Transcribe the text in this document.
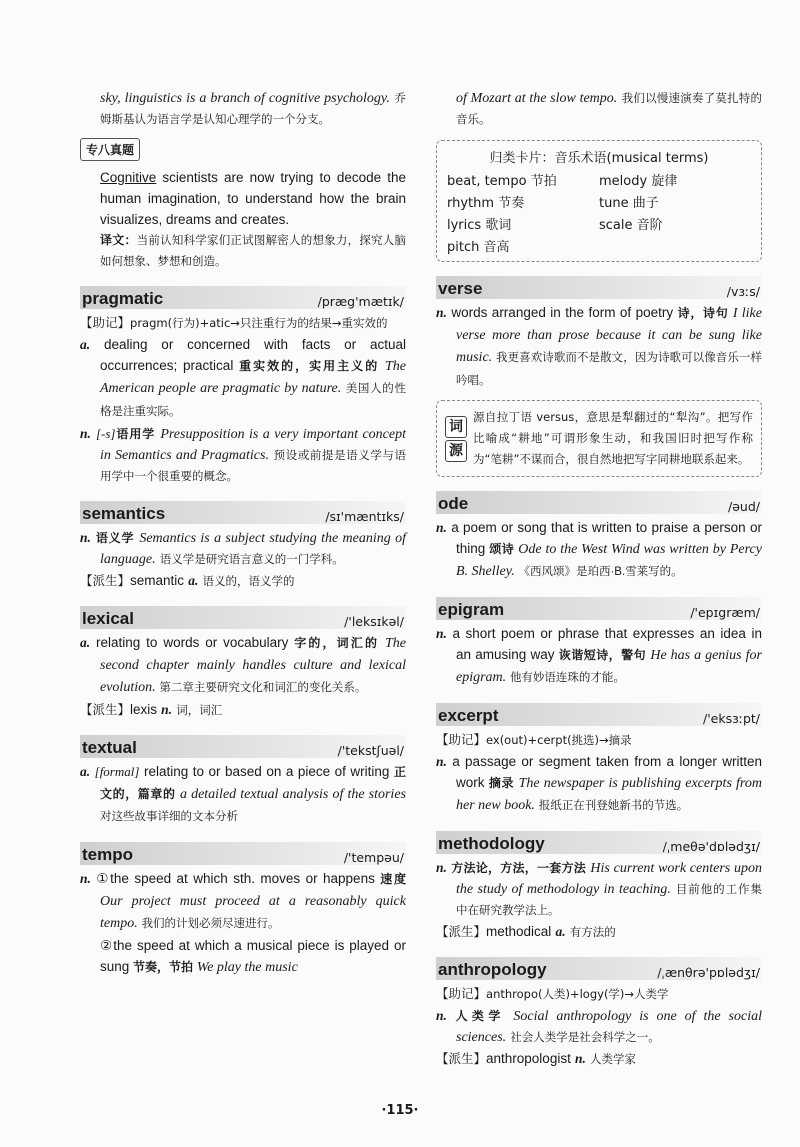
sky, linguistics is a branch of cognitive psychology. 乔姆斯基认为语言学是认知心理学的一个分支。

专八真题

Cognitive scientists are now trying to decode the human imagination, to understand how the brain visualizes, dreams and creates.

译文：当前认知科学家们正试图解密人的想象力，探究人脑如何想象、梦想和创造。

pragmatic	/præg'mætɪk/

【助记】pragm(行为)+atic→只注重行为的结果→重实效的

a. dealing or concerned with facts or actual occurrences; practical 重实效的，实用主义的 The American people are pragmatic by nature. 美国人的性格是注重实际。

n. [-s]语用学 Presupposition is a very important concept in Semantics and Pragmatics. 预设或前提是语义学与语用学中一个很重要的概念。

semantics	/sɪ'mæntɪks/

n. 语义学 Semantics is a subject studying the meaning of language. 语义学是研究语言意义的一门学科。

【派生】semantic a. 语义的，语义学的

lexical	/'leksɪkəl/

a. relating to words or vocabulary 字的，词汇的 The second chapter mainly handles culture and lexical evolution. 第二章主要研究文化和词汇的变化关系。

【派生】lexis n. 词，词汇

textual	/'tekstʃuəl/

a. [formal] relating to or based on a piece of writing 正文的，篇章的 a detailed textual analysis of the stories 对这些故事详细的文本分析

tempo	/'tempəu/

n. ①the speed at which sth. moves or happens 速度 Our project must proceed at a reasonably quick tempo. 我们的计划必须尽速进行。

②the speed at which a musical piece is played or sung 节奏，节拍 We play the music

of Mozart at the slow tempo. 我们以慢速演奏了莫扎特的音乐。

归类卡片：音乐术语(musical terms)
beat, tempo 节拍	melody 旋律
rhythm 节奏	tune 曲子
lyrics 歌词	scale 音阶
pitch 音高
verse	/vɜːs/

n. words arranged in the form of poetry 诗，诗句 I like verse more than prose because it can be sung like music. 我更喜欢诗歌而不是散文，因为诗歌可以像音乐一样吟唱。

词
源
源自拉丁语 versus，意思是犁翻过的“犁沟”。把写作比喻成“耕地”可谓形象生动，和我国旧时把写作称为“笔耕”不谋而合，很自然地把写字同耕地联系起来。
ode	/əud/

n. a poem or song that is written to praise a person or thing 颂诗 Ode to the West Wind was written by Percy B. Shelley. 《西风颂》是珀西·B.雪莱写的。

epigram	/'epɪgræm/

n. a short poem or phrase that expresses an idea in an amusing way 诙谐短诗，警句 He has a genius for epigram. 他有妙语连珠的才能。

excerpt	/'eksɜːpt/

【助记】ex(out)+cerpt(挑选)→摘录

n. a passage or segment taken from a longer written work 摘录 The newspaper is publishing excerpts from her new book. 报纸正在刊登她新书的节选。

methodology	/ˌmeθə'dɒlədʒɪ/

n. 方法论，方法，一套方法 His current work centers upon the study of methodology in teaching. 目前他的工作集中在研究教学法上。

【派生】methodical a. 有方法的

anthropology	/ˌænθrə'pɒlədʒɪ/

【助记】anthropo(人类)+logy(学)→人类学

n. 人类学 Social anthropology is one of the social sciences. 社会人类学是社会科学之一。

【派生】anthropologist n. 人类学家

·115·
